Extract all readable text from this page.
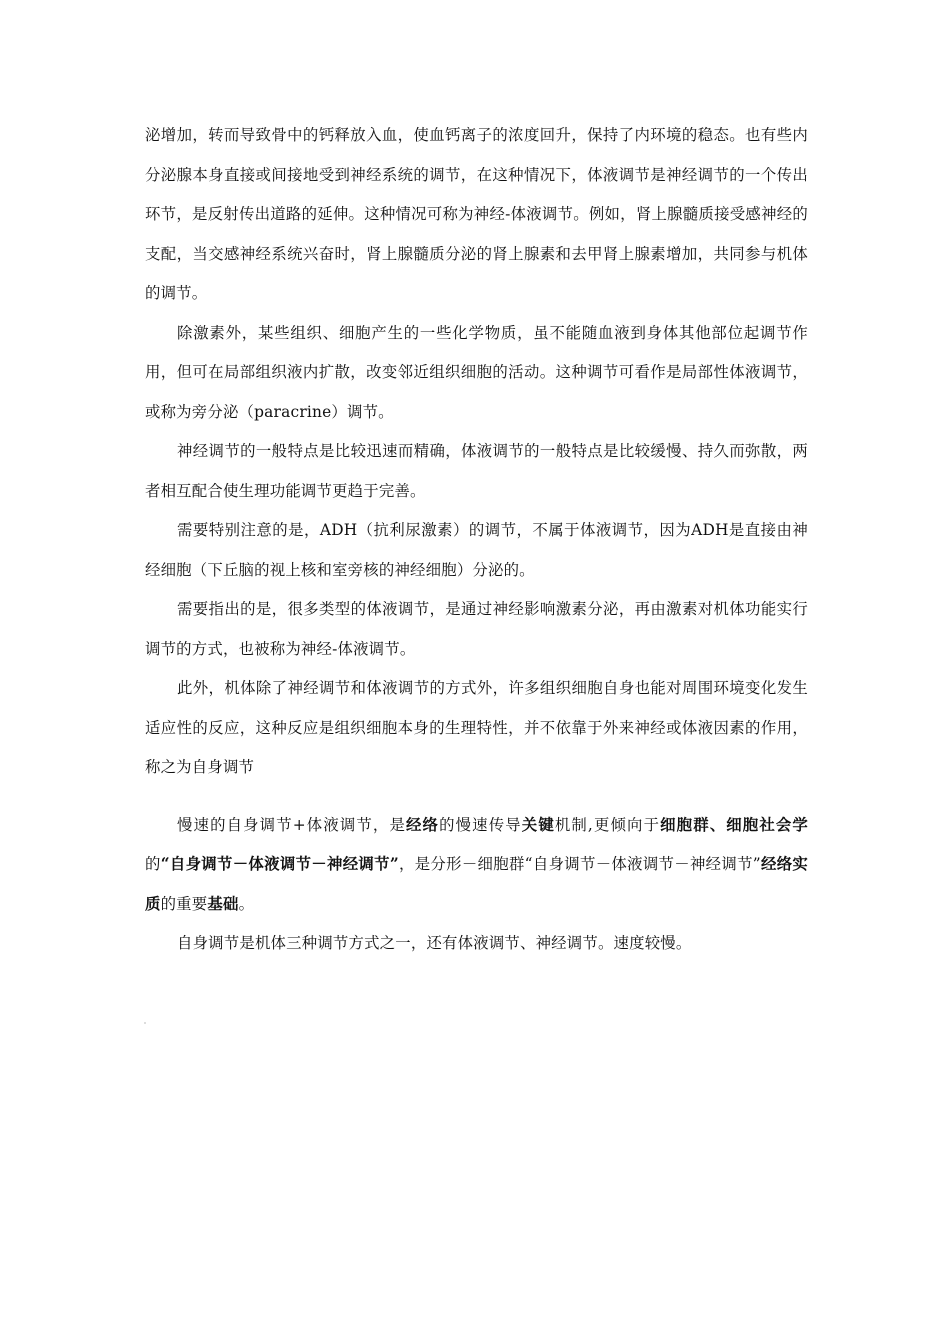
泌增加，转而导致骨中的钙释放入血，使血钙离子的浓度回升，保持了内环境的稳态。也有些内分泌腺本身直接或间接地受到神经系统的调节，在这种情况下，体液调节是神经调节的一个传出环节，是反射传出道路的延伸。这种情况可称为神经-体液调节。例如，肾上腺髓质接受感神经的支配，当交感神经系统兴奋时，肾上腺髓质分泌的肾上腺素和去甲肾上腺素增加，共同参与机体的调节。

除激素外，某些组织、细胞产生的一些化学物质，虽不能随血液到身体其他部位起调节作用，但可在局部组织液内扩散，改变邻近组织细胞的活动。这种调节可看作是局部性体液调节，或称为旁分泌（paracrine）调节。

神经调节的一般特点是比较迅速而精确，体液调节的一般特点是比较缓慢、持久而弥散，两者相互配合使生理功能调节更趋于完善。

需要特别注意的是，ADH（抗利尿激素）的调节，不属于体液调节，因为ADH是直接由神经细胞（下丘脑的视上核和室旁核的神经细胞）分泌的。

需要指出的是，很多类型的体液调节，是通过神经影响激素分泌，再由激素对机体功能实行调节的方式，也被称为神经-体液调节。

此外，机体除了神经调节和体液调节的方式外，许多组织细胞自身也能对周围环境变化发生适应性的反应，这种反应是组织细胞本身的生理特性，并不依靠于外来神经或体液因素的作用，称之为自身调节

慢速的自身调节+体液调节，是经络的慢速传导关键机制,更倾向于细胞群、细胞社会学的“自身调节－体液调节－神经调节”，是分形－细胞群“自身调节－体液调节－神经调节”经络实质的重要基础。

自身调节是机体三种调节方式之一，还有体液调节、神经调节。速度较慢。
